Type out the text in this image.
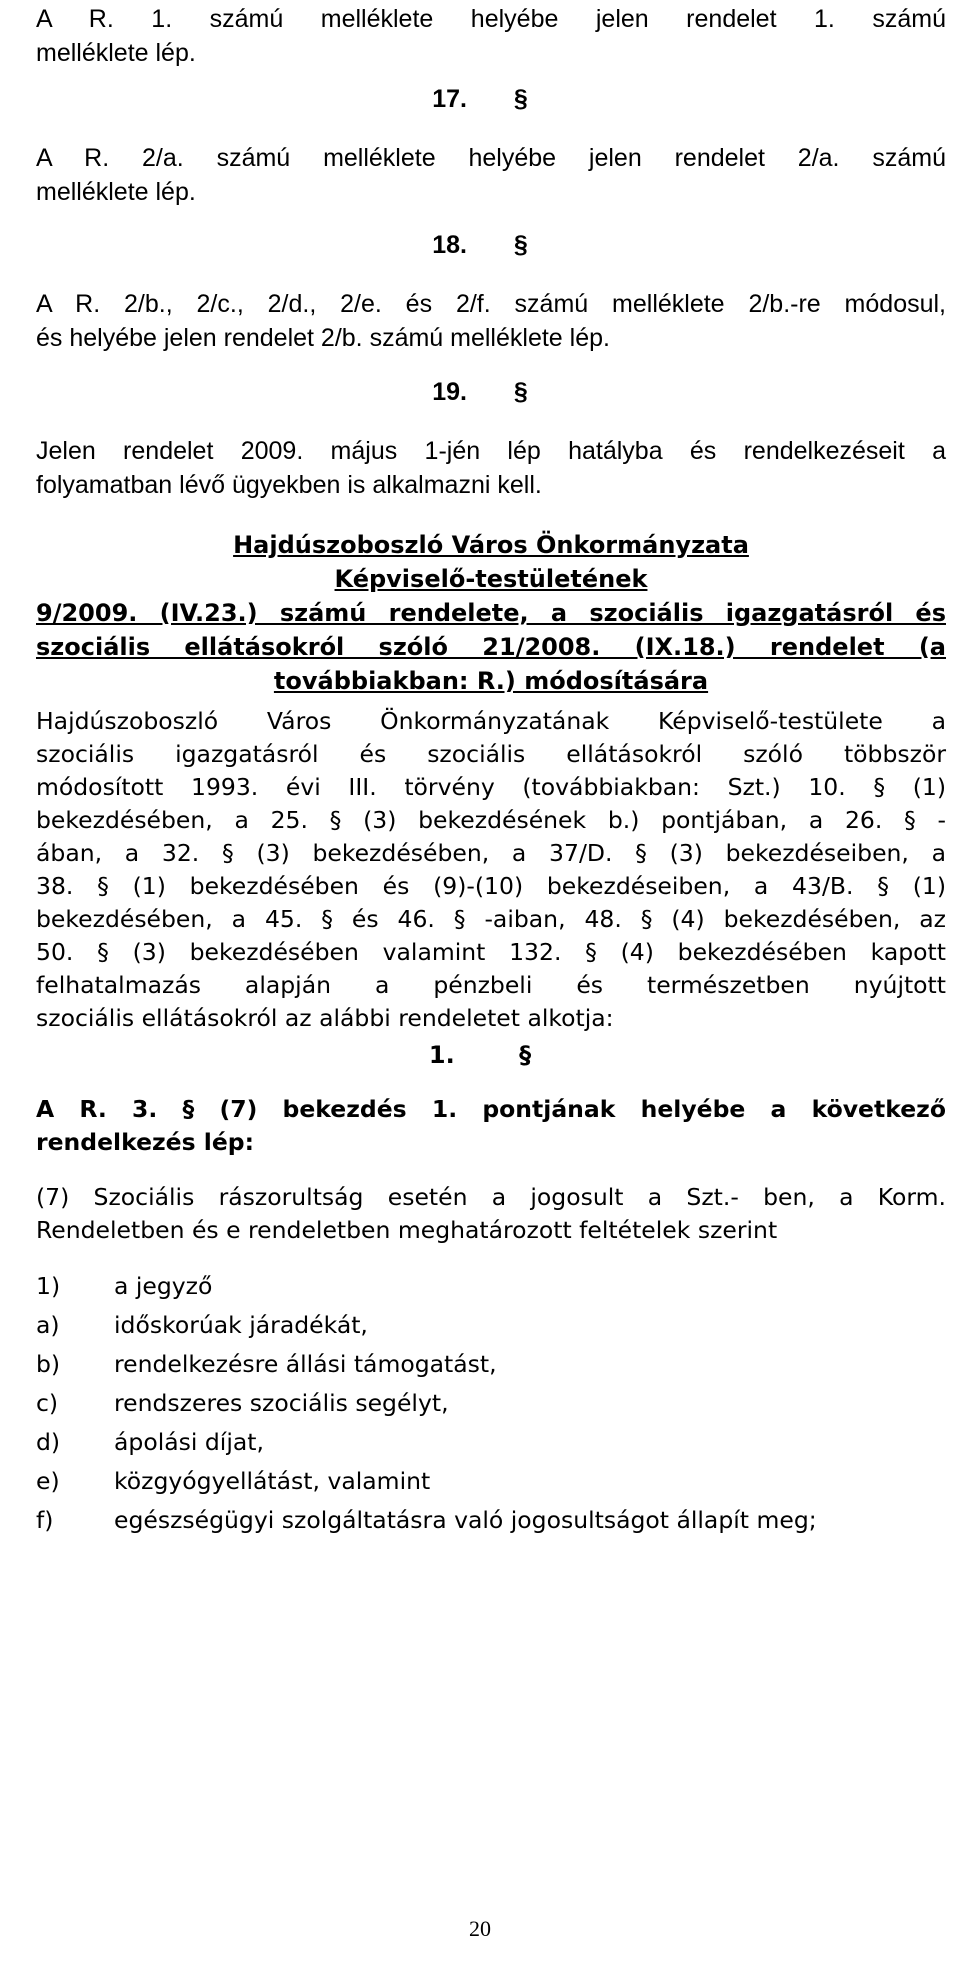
A R. 1. számú melléklete helyébe jelen rendelet 1. számú
melléklete lép.

17. §

A R. 2/a. számú melléklete helyébe jelen rendelet 2/a. számú
melléklete lép.

18. §

A R. 2/b., 2/c., 2/d., 2/e. és 2/f. számú melléklete 2/b.-re módosul,
és helyébe jelen rendelet 2/b. számú melléklete lép.

19. §

Jelen rendelet 2009. május 1-jén lép hatályba és rendelkezéseit a
folyamatban lévő ügyekben is alkalmazni kell.

Hajdúszoboszló Város Önkormányzata
Képviselő-testületének
9/2009. (IV.23.) számú rendelete, a szociális igazgatásról és
szociális ellátásokról szóló 21/2008. (IX.18.) rendelet (a
továbbiakban: R.) módosítására

Hajdúszoboszló Város Önkormányzatának Képviselő-testülete a
szociális igazgatásról és szociális ellátásokról szóló többször
módosított 1993. évi III. törvény (továbbiakban: Szt.) 10. § (1)
bekezdésében, a 25. § (3) bekezdésének b.) pontjában, a 26. § -
ában, a 32. § (3) bekezdésében, a 37/D. § (3) bekezdéseiben, a
38. § (1) bekezdésében és (9)-(10) bekezdéseiben, a 43/B. § (1)
bekezdésében, a 45. § és 46. § -aiban, 48. § (4) bekezdésében, az
50. § (3) bekezdésében valamint 132. § (4) bekezdésében kapott
felhatalmazás alapján a pénzbeli és természetben nyújtott
szociális ellátásokról az alábbi rendeletet alkotja:

1. §

A R. 3. § (7) bekezdés 1. pontjának helyébe a következő
rendelkezés lép:

(7) Szociális rászorultság esetén a jogosult a Szt.- ben, a Korm.
Rendeletben és e rendeletben meghatározott feltételek szerint

1) a jegyző
a) időskorúak járadékát,
b) rendelkezésre állási támogatást,
c) rendszeres szociális segélyt,
d) ápolási díjat,
e) közgyógyellátást, valamint
f)	egészségügyi szolgáltatásra való jogosultságot állapít meg;
20
